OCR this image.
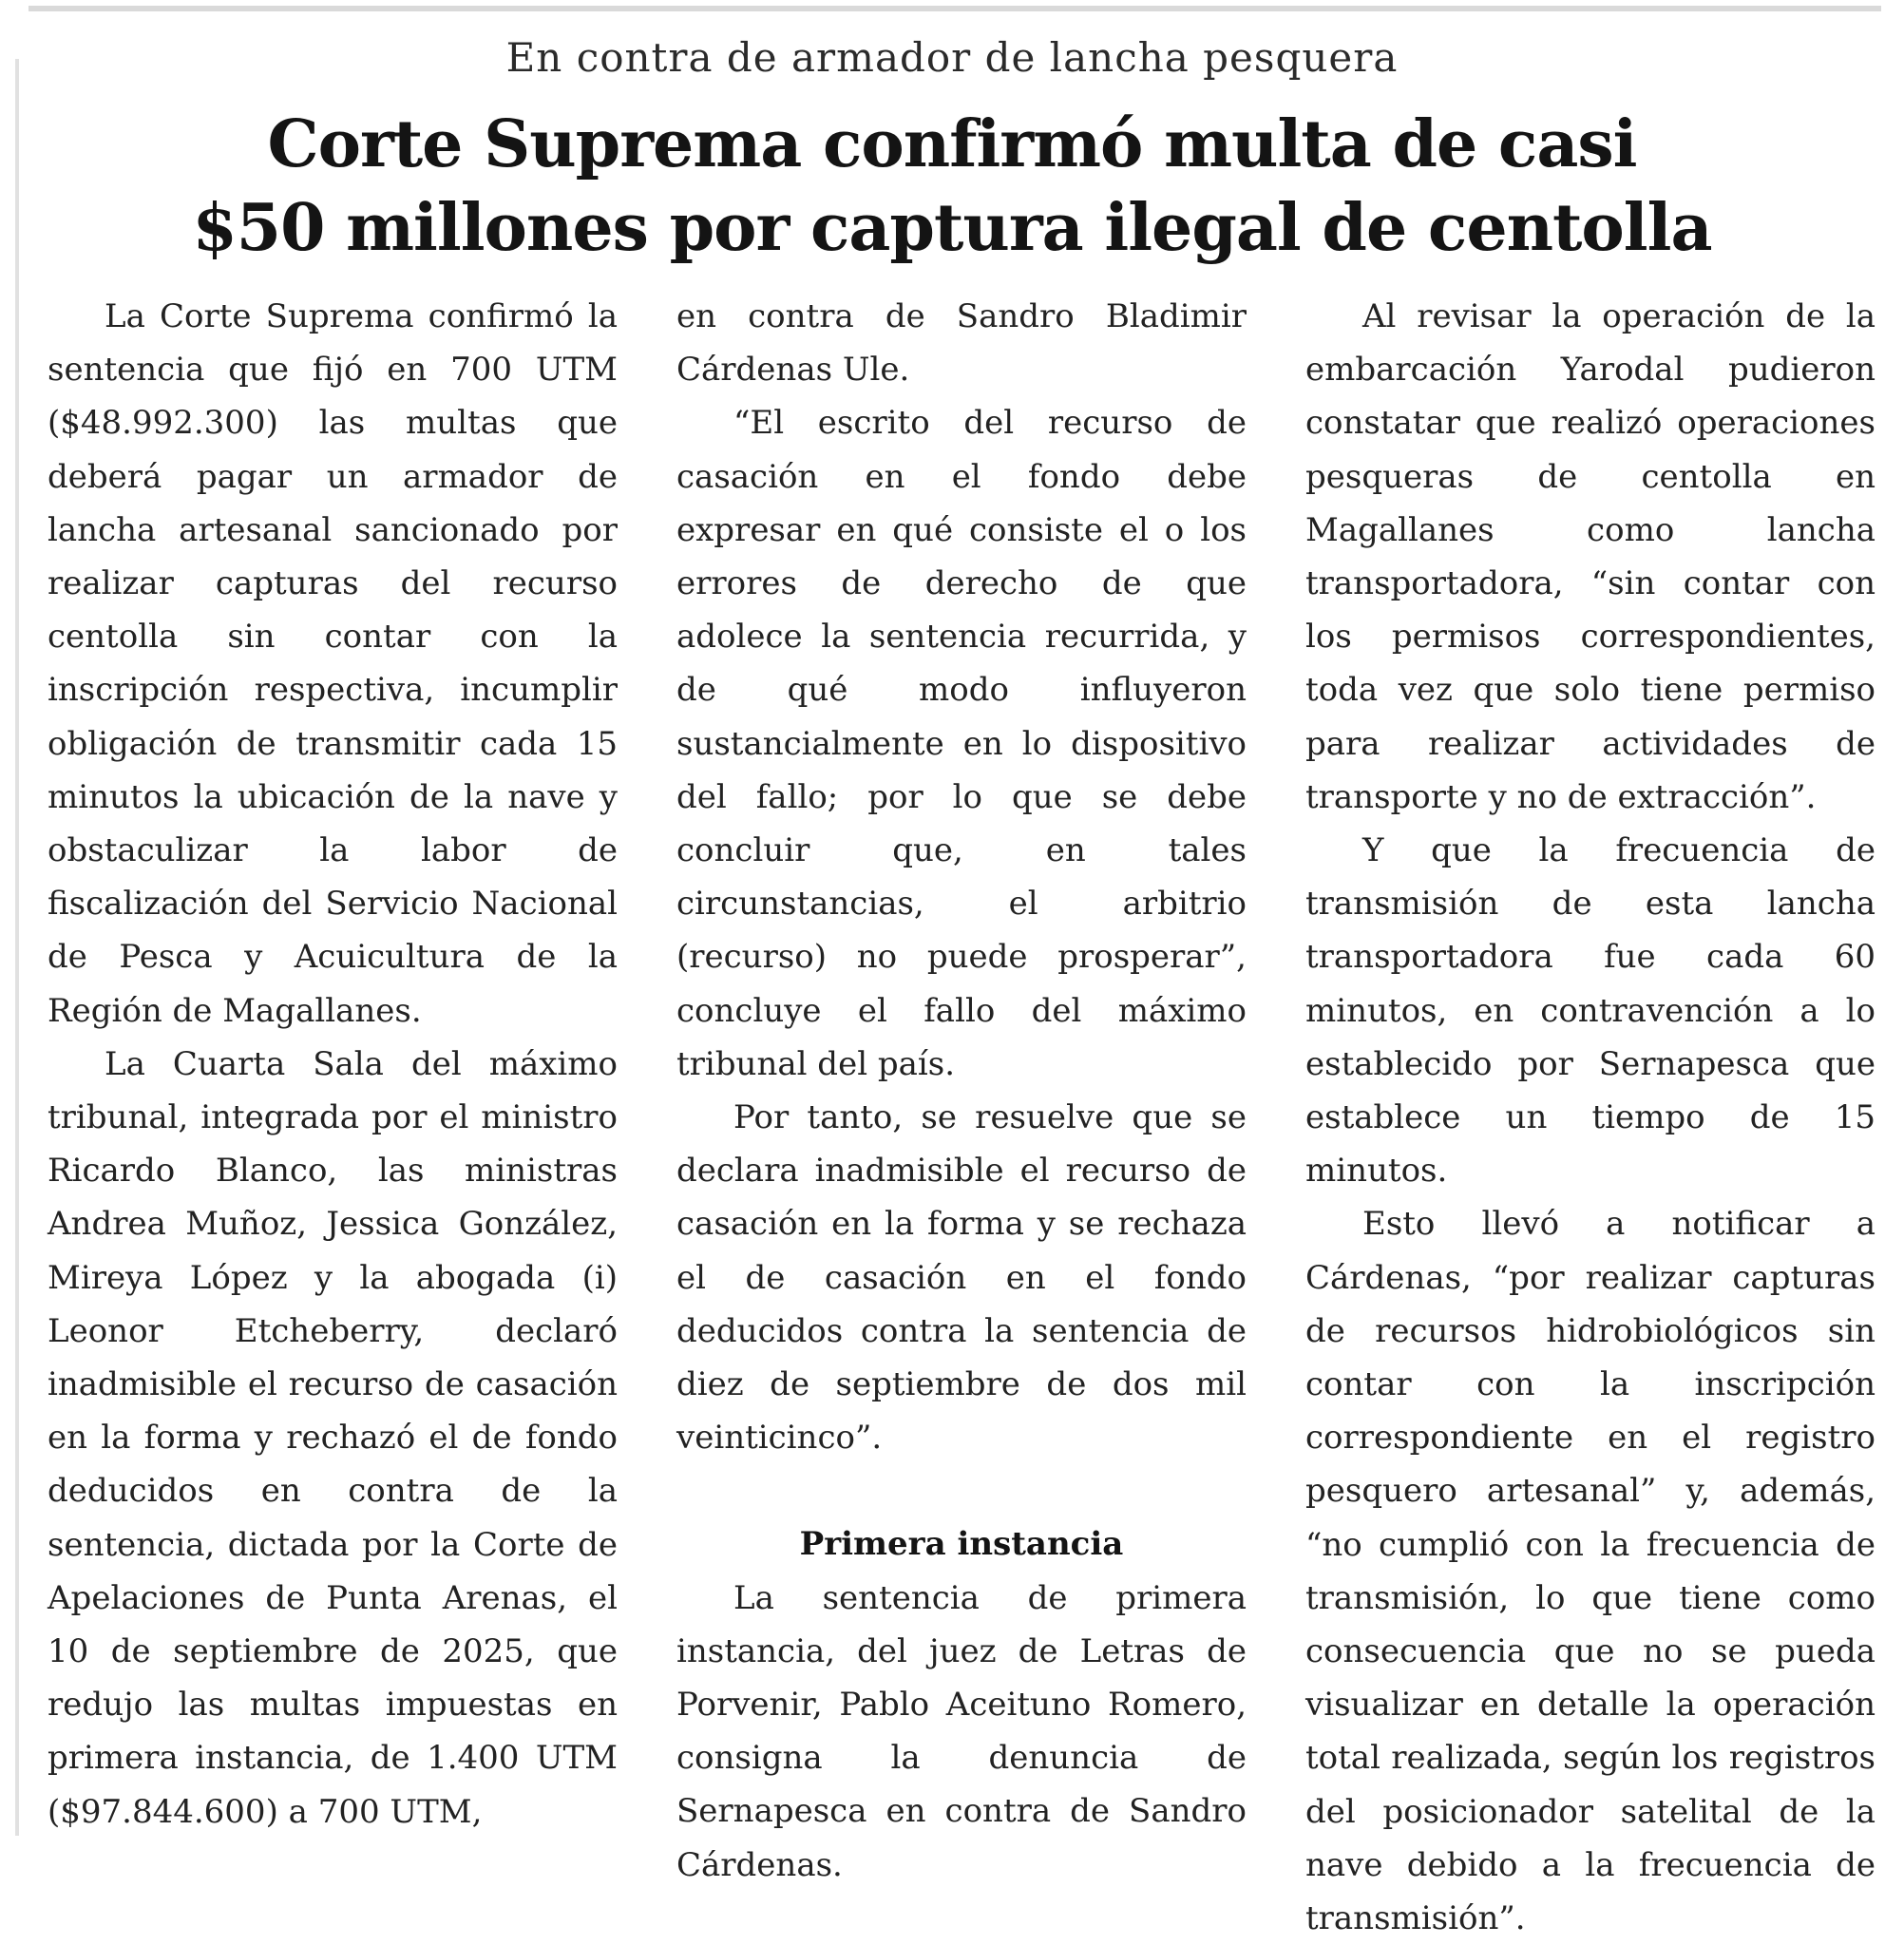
En contra de armador de lancha pesquera
Corte Suprema confirmó multa de casi
$50 millones por captura ilegal de centolla

La Corte Suprema confirmó la sentencia que fijó en 700 UTM ($48.992.300) las multas que deberá pagar un armador de lancha artesanal sancionado por realizar capturas del recurso centolla sin contar con la inscripción respectiva, incumplir obligación de transmitir cada 15 minutos la ubicación de la nave y obstaculizar la labor de fiscalización del Servicio Nacional de Pesca y Acuicultura de la Región de Magallanes.

La Cuarta Sala del máximo tribunal, integrada por el ministro Ricardo Blanco, las ministras Andrea Muñoz, Jessica González, Mireya López y la abogada (i) Leonor Etcheberry, declaró inadmisible el recurso de casación en la forma y rechazó el de fondo deducidos en contra de la sentencia, dictada por la Corte de Apelaciones de Punta Arenas, el 10 de septiembre de 2025, que redujo las multas impuestas en primera instancia, de 1.400 UTM ($97.844.600) a 700 UTM,

en contra de Sandro Bladimir Cárdenas Ule.

“El escrito del recurso de casación en el fondo debe expresar en qué consiste el o los errores de derecho de que adolece la sentencia recurrida, y de qué modo influyeron sustancialmente en lo dispositivo del fallo; por lo que se debe concluir que, en tales circunstancias, el arbitrio (recurso) no puede prosperar”, concluye el fallo del máximo tribunal del país.

Por tanto, se resuelve que se declara inadmisible el recurso de casación en la forma y se rechaza el de casación en el fondo deducidos contra la sentencia de diez de septiembre de dos mil veinticinco”.

Primera instancia

La sentencia de primera instancia, del juez de Letras de Porvenir, Pablo Aceituno Romero, consigna la denuncia de Sernapesca en contra de Sandro Cárdenas.

Al revisar la operación de la embarcación Yarodal pudieron constatar que realizó operaciones pesqueras de centolla en Magallanes como lancha transportadora, “sin contar con los permisos correspondientes, toda vez que solo tiene permiso para realizar actividades de transporte y no de extracción”.

Y que la frecuencia de transmisión de esta lancha transportadora fue cada 60 minutos, en contravención a lo establecido por Sernapesca que establece un tiempo de 15 minutos.

Esto llevó a notificar a Cárdenas, “por realizar capturas de recursos hidrobiológicos sin contar con la inscripción correspondiente en el registro pesquero artesanal” y, además, “no cumplió con la frecuencia de transmisión, lo que tiene como consecuencia que no se pueda visualizar en detalle la operación total realizada, según los registros del posicionador satelital de la nave debido a la frecuencia de transmisión”.
